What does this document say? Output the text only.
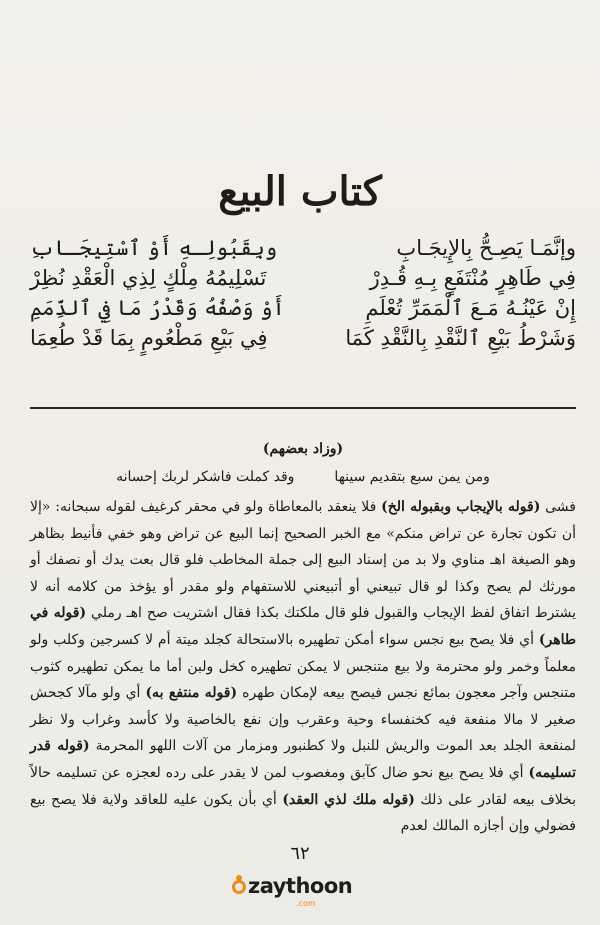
كتاب البيع
وإنَّمَـا يَصِـحُّ بِالإِيجَـابِ
وبِقَبُولِـهِ أَوْ ٱسْتِيجَـابِ
فِي طَاهِرٍ مُنْتَفَعٍ بِـهِ قُـدِرْ
تَسْلِيمُهُ مِلْكٍ لِذِي الْعَقْدِ نُظِرْ
إِنْ عَيْنُـهُ مَـعَ ٱلْمَمَرِّ تُعْلَمِ
أَوْ وَصْفُهُ وَقَدْرُ مَا فِي ٱلذِّمَمِ
وَشَرْطُ بَيْعِ ٱلنَّقْدِ بِالنَّقْدِ كَمَا
فِي بَيْعِ مَطْعُومٍ بِمَا قَدْ طُعِمَا
(وزاد بعضهم)
ومن يمن سبع بتقديم سينها
وقد كملت فاشكر لربك إحسانه

فشى (قوله بالإيجاب وبقبوله الخ) فلا ينعقد بالمعاطاة ولو في محقر كرغيف لقوله سبحانه: «إلا أن تكون تجارة عن تراض منكم» مع الخبر الصحيح إنما البيع عن تراض وهو خفي فأنيط بظاهر وهو الصيغة اهـ مناوي ولا بد من إسناد البيع إلى جملة المخاطب فلو قال بعت يدك أو نصفك أو مورثك لم يصح وكذا لو قال تبيعني أو أتبيعني للاستفهام ولو مقدر أو يؤخذ من كلامه أنه لا يشترط اتفاق لفظ الإيجاب والقبول فلو قال ملكتك بكذا فقال اشتريت صح اهـ رملي (قوله في طاهر) أي فلا يصح بيع نجس سواء أمكن تطهيره بالاستحالة كجلد ميتة أم لا كسرجين وكلب ولو معلماً وخمر ولو محترمة ولا بيع متنجس لا يمكن تطهيره كخل ولبن أما ما يمكن تطهيره كثوب متنجس وآجر معجون بمائع نجس فيصح بيعه لإمكان طهره (قوله منتفع به) أي ولو مآلا كجحش صغير لا مالا منفعة فيه كخنفساء وحية وعقرب وإن نفع بالخاصية ولا كأسد وغراب ولا نظر لمنفعة الجلد بعد الموت والريش للنبل ولا كطنبور ومزمار من آلات اللهو المحرمة (قوله قدر تسليمه) أي فلا يصح بيع نحو ضال كآبق ومغصوب لمن لا يقدر على رده لعجزه عن تسليمه حالاً بخلاف بيعه لقادر على ذلك (قوله ملك لذي العقد) أي بأن يكون عليه للعاقد ولاية فلا يصح بيع فضولي وإن أجازه المالك لعدم

٦٢
zaythoon
.com
